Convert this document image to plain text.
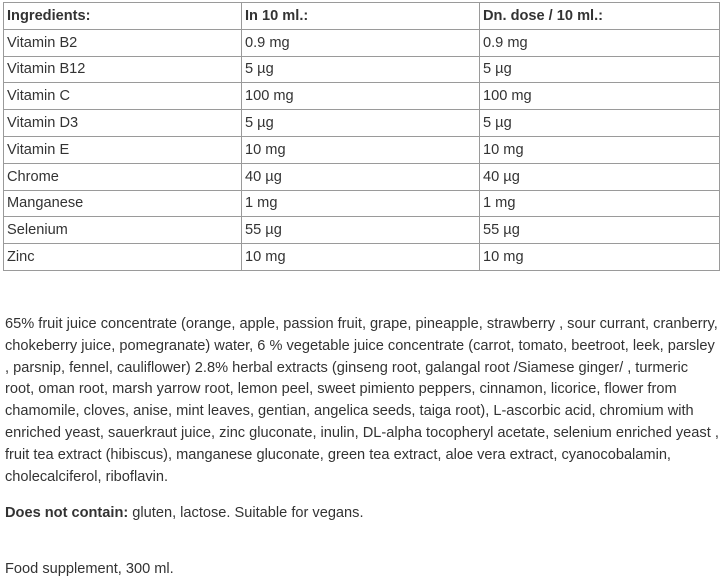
Ingredients:	In 10 ml.:	Dn. dose / 10 ml.:
Vitamin B2	0.9 mg	0.9 mg
Vitamin B12	5 µg	5 µg
Vitamin C	100 mg	100 mg
Vitamin D3	5 µg	5 µg
Vitamin E	10 mg	10 mg
Chrome	40 µg	40 µg
Manganese	1 mg	1 mg
Selenium	55 µg	55 µg
Zinc	10 mg	10 mg

65% fruit juice concentrate (orange, apple, passion fruit, grape, pineapple, strawberry , sour currant, cranberry, chokeberry juice, pomegranate) water, 6 % vegetable juice concentrate (carrot, tomato, beetroot, leek, parsley , parsnip, fennel, cauliflower) 2.8% herbal extracts (ginseng root, galangal root /Siamese ginger/ , turmeric root, oman root, marsh yarrow root, lemon peel, sweet pimiento peppers, cinnamon, licorice, flower from chamomile, cloves, anise, mint leaves, gentian, angelica seeds, taiga root), L-ascorbic acid, chromium with enriched yeast, sauerkraut juice, zinc gluconate, inulin, DL-alpha tocopheryl acetate, selenium enriched yeast , fruit tea extract (hibiscus), manganese gluconate, green tea extract, aloe vera extract, cyanocobalamin, cholecalciferol, riboflavin.

Does not contain: gluten, lactose. Suitable for vegans.

Food supplement, 300 ml.
